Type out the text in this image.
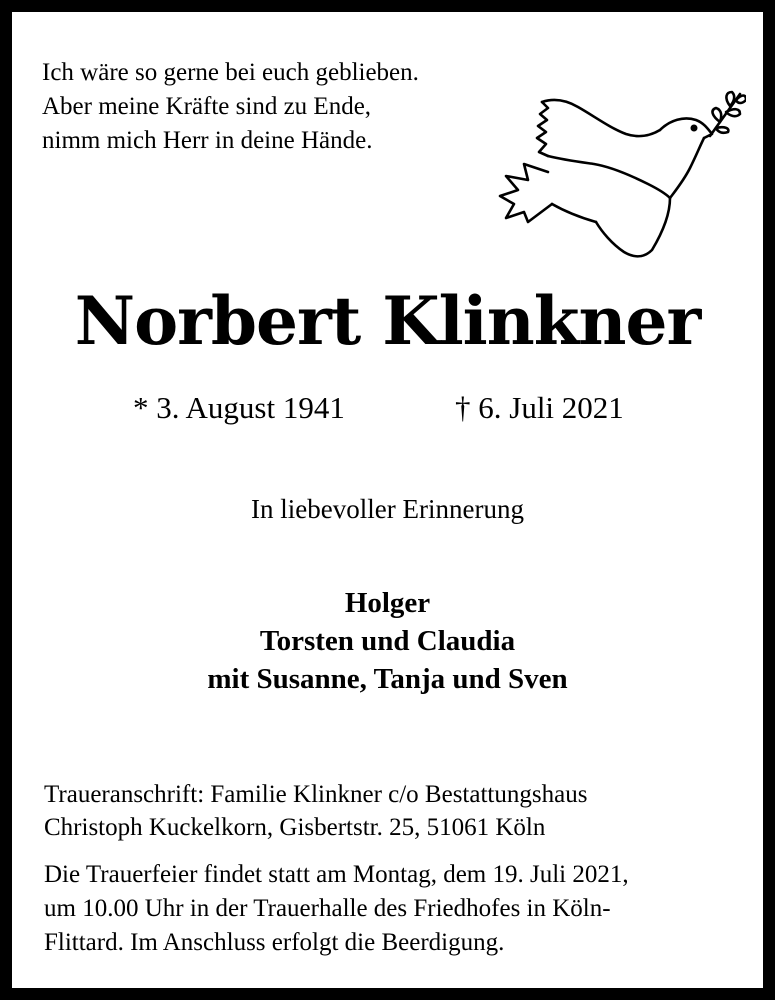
Ich wäre so gerne bei euch geblieben.
Aber meine Kräfte sind zu Ende,
nimm mich Herr in deine Hände.

Norbert Klinkner
* 3. August 1941	† 6. Juli 2021
In liebevoller Erinnerung
Holger
Torsten und Claudia
mit Susanne, Tanja und Sven
Traueranschrift: Familie Klinkner c/o Bestattungshaus
Christoph Kuckelkorn, Gisbertstr. 25, 51061 Köln
Die Trauerfeier findet statt am Montag, dem 19. Juli 2021,
um 10.00 Uhr in der Trauerhalle des Friedhofes in Köln-
Flittard. Im Anschluss erfolgt die Beerdigung.
